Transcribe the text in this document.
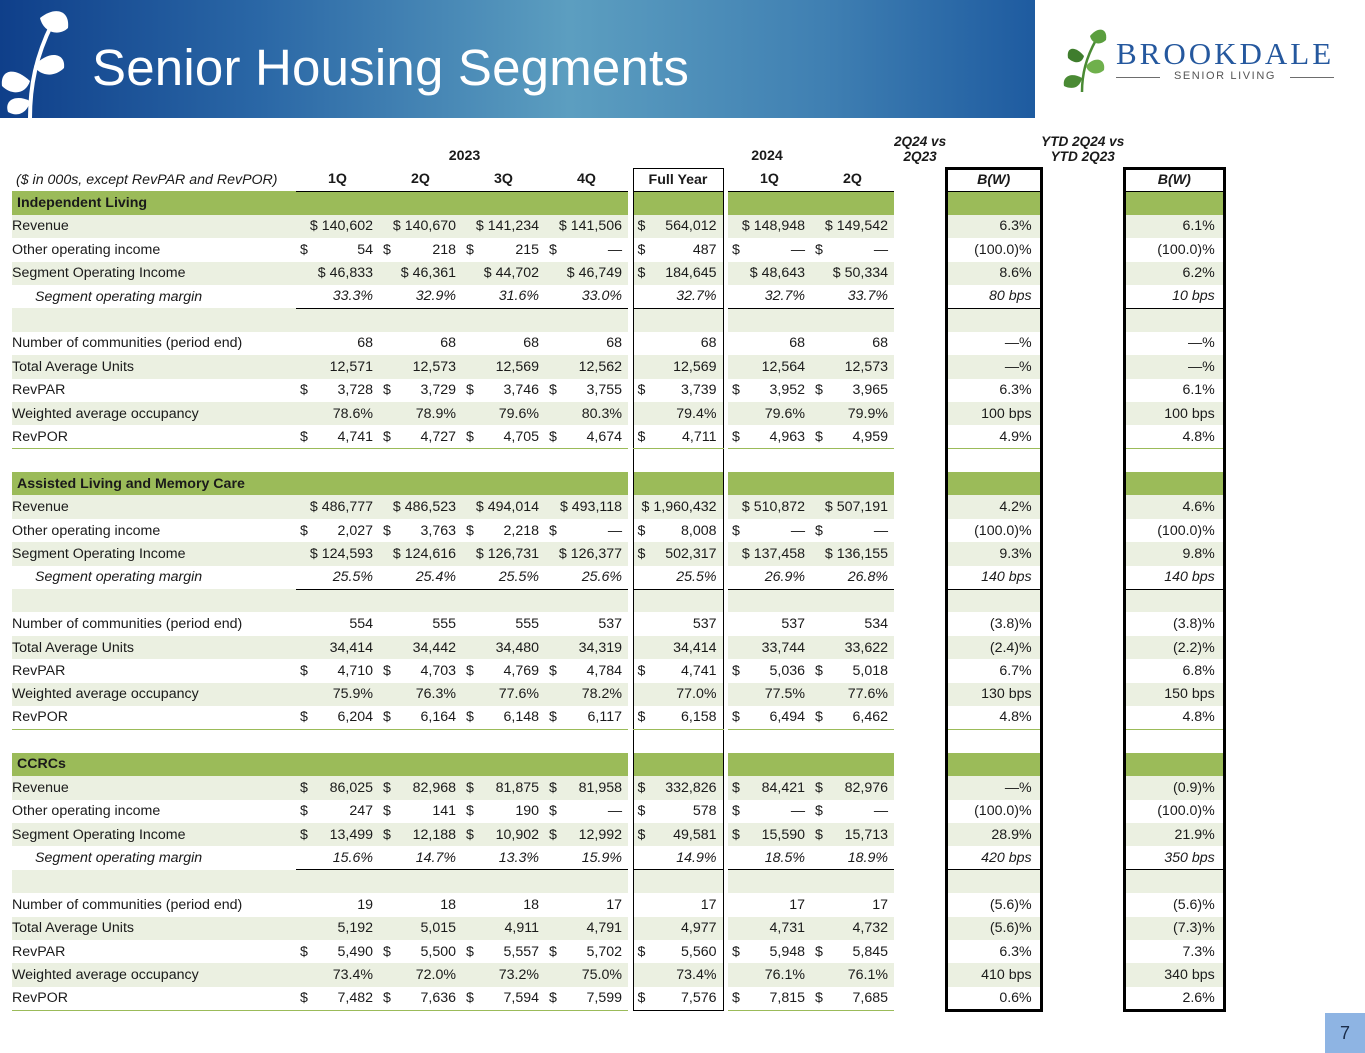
Senior Housing Segments	BROOKDALE
SENIOR LIVING
	2023						2024			2Q24 vs
2Q23		YTD 2Q24 vs
YTD 2Q23	
($ in 000s, except RevPAR and RevPOR)	1Q	2Q	3Q	4Q		Full Year		1Q	2Q		B(W)		B(W)
Independent Living													
Revenue	$ 140,602	$ 140,670	$ 141,234	$ 141,506		$ 564,012		$ 148,948	$ 149,542		6.3%		6.1%
Other operating income	$ 54	$ 218	$ 215	$ —		$ 487		$ —	$ —		(100.0)%		(100.0)%
Segment Operating Income	$ 46,833	$ 46,361	$ 44,702	$ 46,749		$ 184,645		$ 48,643	$ 50,334		8.6%		6.2%
Segment operating margin	33.3%	32.9%	31.6%	33.0%		32.7%		32.7%	33.7%		80 bps		10 bps

Number of communities (period end)	68	68	68	68		68		68	68		—%		—%
Total Average Units	12,571	12,573	12,569	12,562		12,569		12,564	12,573		—%		—%
RevPAR	$ 3,728	$ 3,729	$ 3,746	$ 3,755		$ 3,739		$ 3,952	$ 3,965		6.3%		6.1%
Weighted average occupancy	78.6%	78.9%	79.6%	80.3%		79.4%		79.6%	79.9%		100 bps		100 bps
RevPOR	$ 4,741	$ 4,727	$ 4,705	$ 4,674		$ 4,711		$ 4,963	$ 4,959		4.9%		4.8%

Assisted Living and Memory Care													
Revenue	$ 486,777	$ 486,523	$ 494,014	$ 493,118		$ 1,960,432		$ 510,872	$ 507,191		4.2%		4.6%
Other operating income	$ 2,027	$ 3,763	$ 2,218	$ —		$ 8,008		$ —	$ —		(100.0)%		(100.0)%
Segment Operating Income	$ 124,593	$ 124,616	$ 126,731	$ 126,377		$ 502,317		$ 137,458	$ 136,155		9.3%		9.8%
Segment operating margin	25.5%	25.4%	25.5%	25.6%		25.5%		26.9%	26.8%		140 bps		140 bps

Number of communities (period end)	554	555	555	537		537		537	534		(3.8)%		(3.8)%
Total Average Units	34,414	34,442	34,480	34,319		34,414		33,744	33,622		(2.4)%		(2.2)%
RevPAR	$ 4,710	$ 4,703	$ 4,769	$ 4,784		$ 4,741		$ 5,036	$ 5,018		6.7%		6.8%
Weighted average occupancy	75.9%	76.3%	77.6%	78.2%		77.0%		77.5%	77.6%		130 bps		150 bps
RevPOR	$ 6,204	$ 6,164	$ 6,148	$ 6,117		$ 6,158		$ 6,494	$ 6,462		4.8%		4.8%

CCRCs													
Revenue	$ 86,025	$ 82,968	$ 81,875	$ 81,958		$ 332,826		$ 84,421	$ 82,976		—%		(0.9)%
Other operating income	$ 247	$ 141	$ 190	$ —		$ 578		$ —	$ —		(100.0)%		(100.0)%
Segment Operating Income	$ 13,499	$ 12,188	$ 10,902	$ 12,992		$ 49,581		$ 15,590	$ 15,713		28.9%		21.9%
Segment operating margin	15.6%	14.7%	13.3%	15.9%		14.9%		18.5%	18.9%		420 bps		350 bps

Number of communities (period end)	19	18	18	17		17		17	17		(5.6)%		(5.6)%
Total Average Units	5,192	5,015	4,911	4,791		4,977		4,731	4,732		(5.6)%		(7.3)%
RevPAR	$ 5,490	$ 5,500	$ 5,557	$ 5,702		$ 5,560		$ 5,948	$ 5,845		6.3%		7.3%
Weighted average occupancy	73.4%	72.0%	73.2%	75.0%		73.4%		76.1%	76.1%		410 bps		340 bps
RevPOR	$ 7,482	$ 7,636	$ 7,594	$ 7,599		$ 7,576		$ 7,815	$ 7,685		0.6%		2.6%
7
